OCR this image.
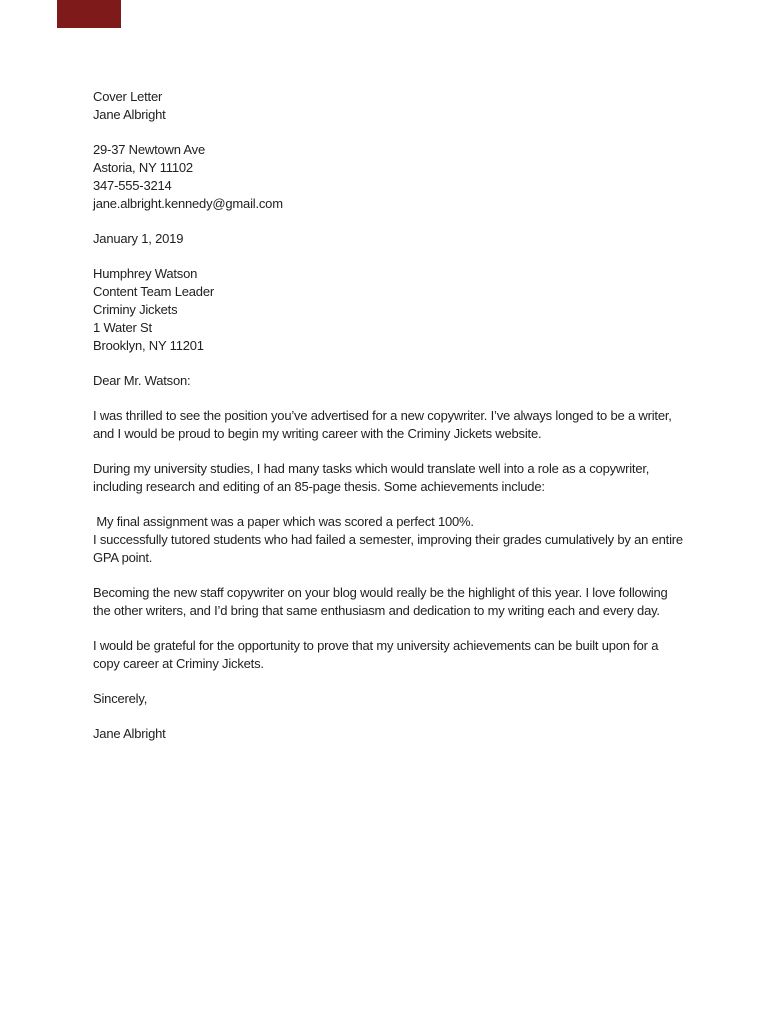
Cover Letter

Jane Albright

29-37 Newtown Ave

Astoria, NY 11102

347-555-3214

jane.albright.kennedy@gmail.com

January 1, 2019

Humphrey Watson

Content Team Leader

Criminy Jickets

1 Water St

Brooklyn, NY 11201

Dear Mr. Watson:

I was thrilled to see the position you’ve advertised for a new copywriter. I’ve always longed to be a writer, and I would be proud to begin my writing career with the Criminy Jickets website.

During my university studies, I had many tasks which would translate well into a role as a copywriter, including research and editing of an 85-page thesis. Some achievements include:

My final assignment was a paper which was scored a perfect 100%.

I successfully tutored students who had failed a semester, improving their grades cumulatively by an entire GPA point.

Becoming the new staff copywriter on your blog would really be the highlight of this year. I love following the other writers, and I’d bring that same enthusiasm and dedication to my writing each and every day.

I would be grateful for the opportunity to prove that my university achievements can be built upon for a copy career at Criminy Jickets.

Sincerely,

Jane Albright
